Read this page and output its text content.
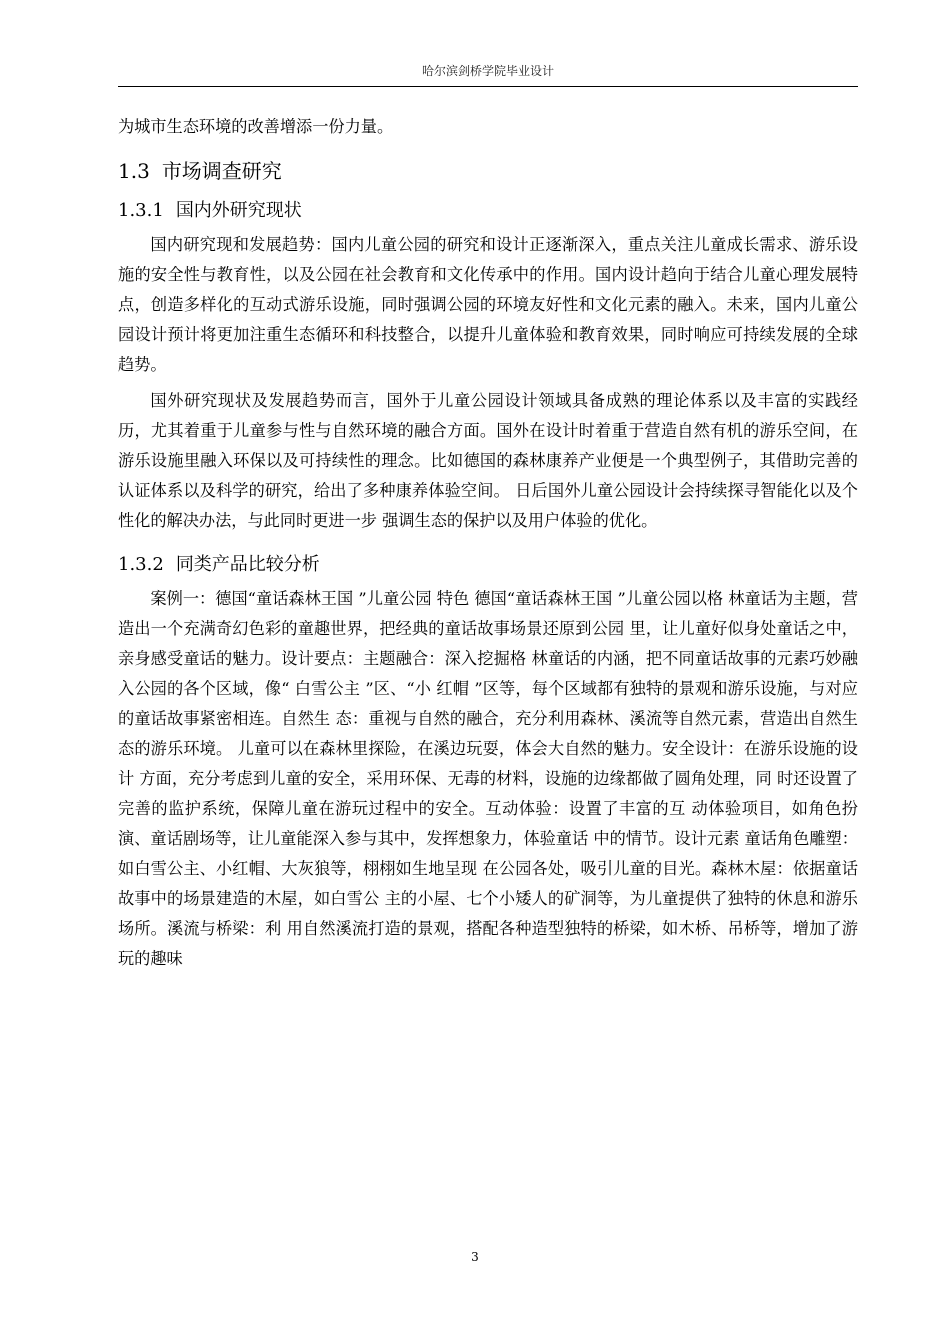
哈尔滨剑桥学院毕业设计

为城市生态环境的改善增添一份力量。

1.3 市场调查研究
1.3.1 国内外研究现状

国内研究现和发展趋势：国内儿童公园的研究和设计正逐渐深入，重点关注儿童成长需求、游乐设施的安全性与教育性，以及公园在社会教育和文化传承中的作用。国内设计趋向于结合儿童心理发展特点，创造多样化的互动式游乐设施，同时强调公园的环境友好性和文化元素的融入。未来，国内儿童公园设计预计将更加注重生态循环和科技整合，以提升儿童体验和教育效果，同时响应可持续发展的全球趋势。

国外研究现状及发展趋势而言，国外于儿童公园设计领域具备成熟的理论体系以及丰富的实践经历，尤其着重于儿童参与性与自然环境的融合方面。国外在设计时着重于营造自然有机的游乐空间，在游乐设施里融入环保以及可持续性的理念。比如德国的森林康养产业便是一个典型例子，其借助完善的认证体系以及科学的研究，给出了多种康养体验空间。 日后国外儿童公园设计会持续探寻智能化以及个性化的解决办法，与此同时更进一步 强调生态的保护以及用户体验的优化。

1.3.2 同类产品比较分析

案例一：德国“童话森林王国 ”儿童公园 特色 德国“童话森林王国 ”儿童公园以格 林童话为主题，营造出一个充满奇幻色彩的童趣世界，把经典的童话故事场景还原到公园 里，让儿童好似身处童话之中，亲身感受童话的魅力。设计要点：主题融合：深入挖掘格 林童话的内涵，把不同童话故事的元素巧妙融入公园的各个区域，像“ 白雪公主 ”区、“小 红帽 ”区等，每个区域都有独特的景观和游乐设施，与对应的童话故事紧密相连。自然生 态：重视与自然的融合，充分利用森林、溪流等自然元素，营造出自然生态的游乐环境。 儿童可以在森林里探险，在溪边玩耍，体会大自然的魅力。安全设计：在游乐设施的设计 方面，充分考虑到儿童的安全，采用环保、无毒的材料，设施的边缘都做了圆角处理，同 时还设置了完善的监护系统，保障儿童在游玩过程中的安全。互动体验：设置了丰富的互 动体验项目，如角色扮演、童话剧场等，让儿童能深入参与其中，发挥想象力，体验童话 中的情节。设计元素 童话角色雕塑：如白雪公主、小红帽、大灰狼等，栩栩如生地呈现 在公园各处，吸引儿童的目光。森林木屋：依据童话故事中的场景建造的木屋，如白雪公 主的小屋、七个小矮人的矿洞等，为儿童提供了独特的休息和游乐场所。溪流与桥梁：利 用自然溪流打造的景观，搭配各种造型独特的桥梁，如木桥、吊桥等，增加了游玩的趣味

3
